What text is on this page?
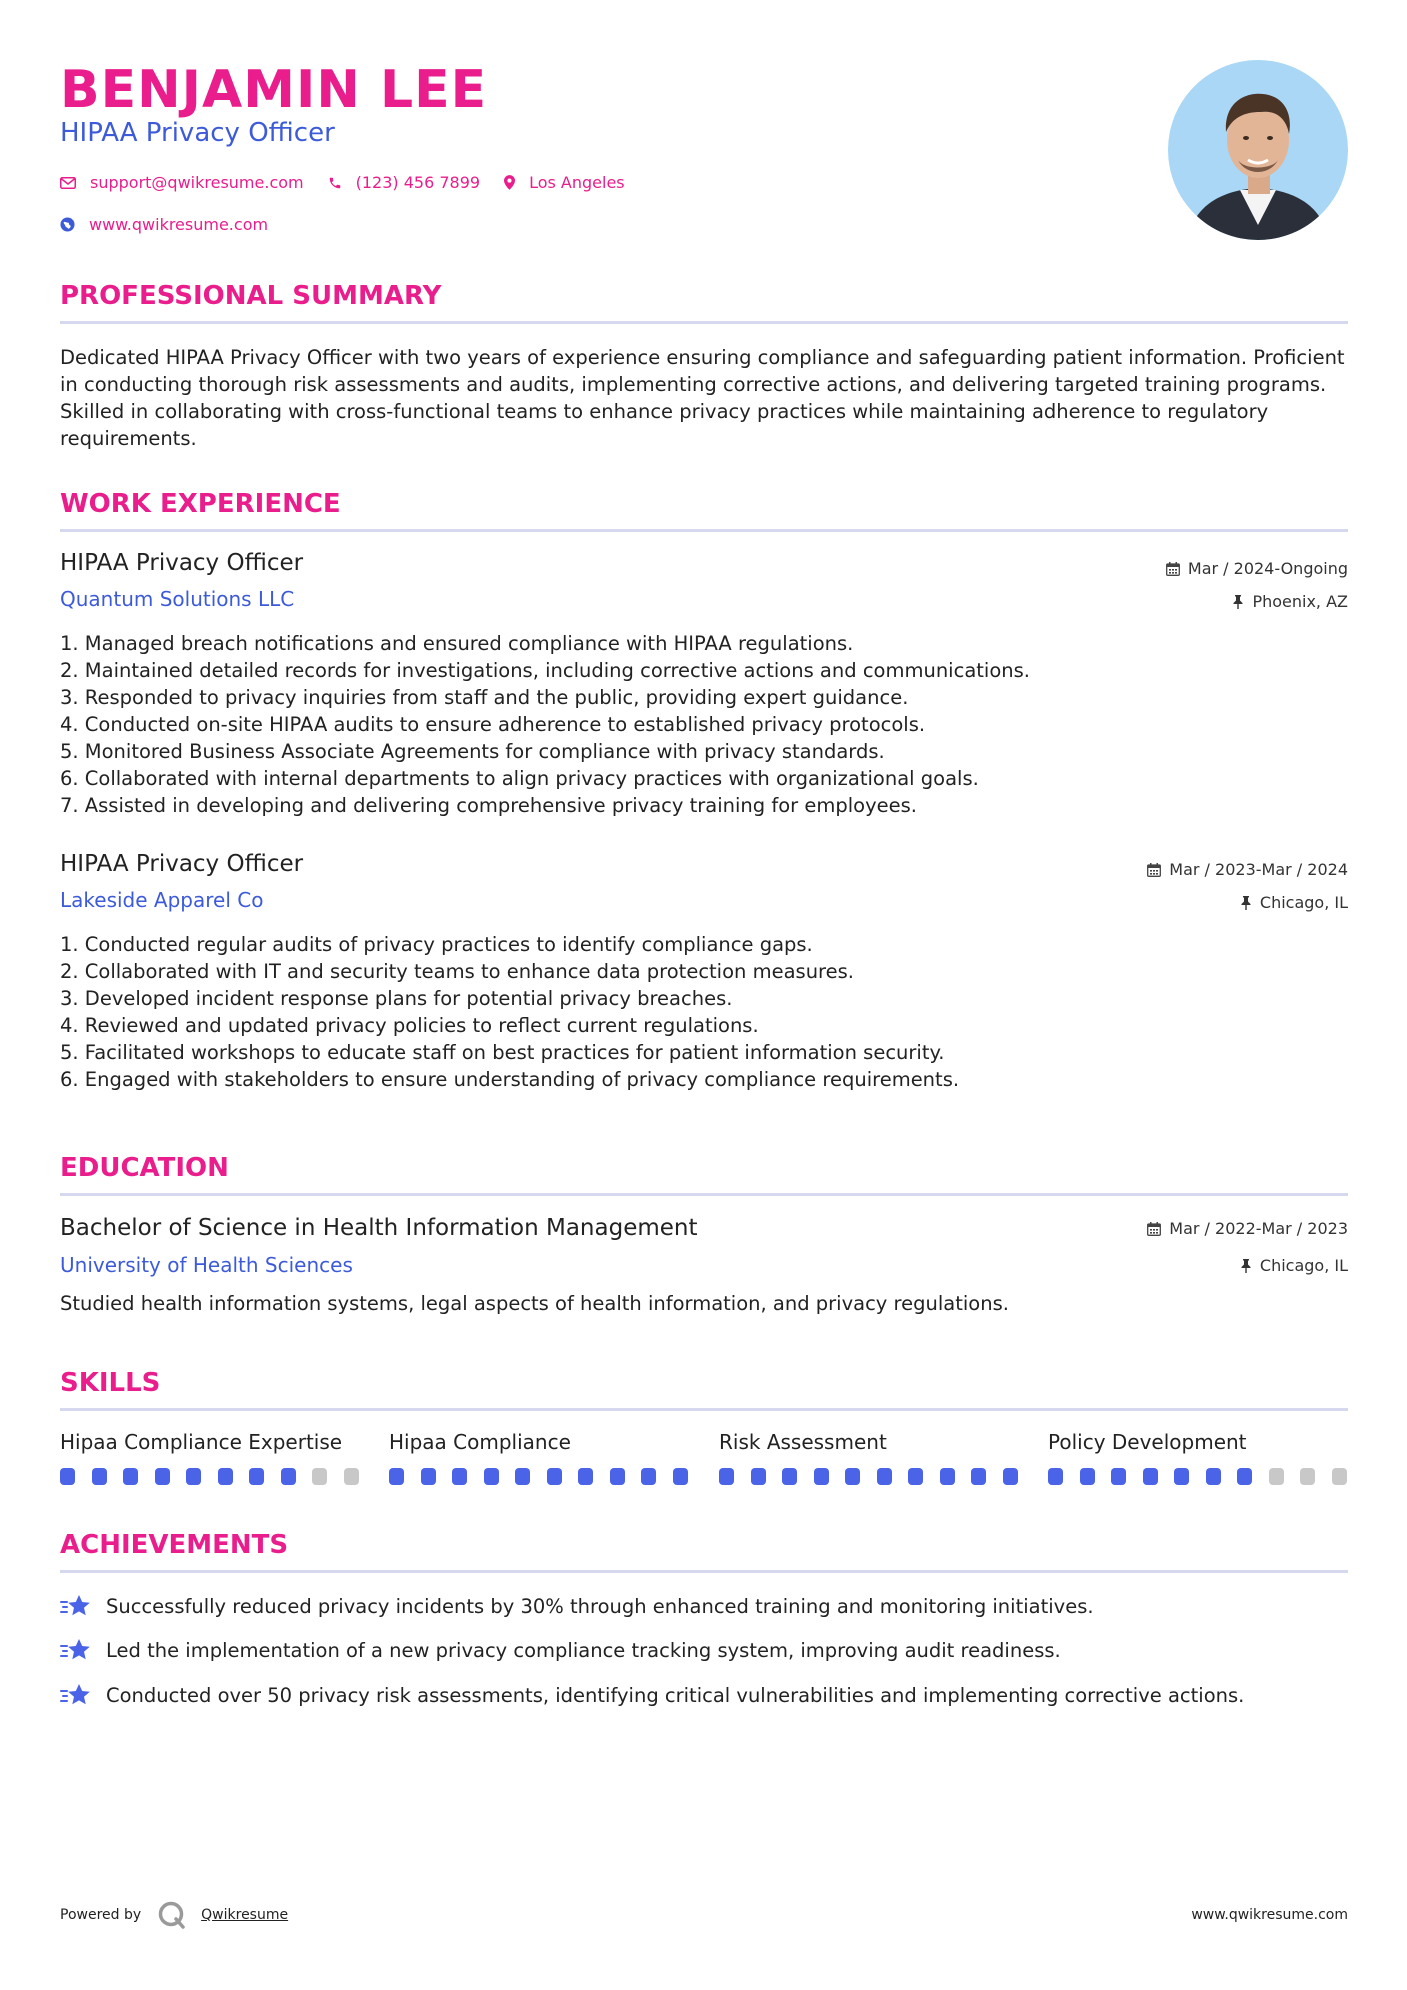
BENJAMIN LEE
HIPAA Privacy Officer
support@qwikresume.com	(123) 456 7899	Los Angeles
www.qwikresume.com
PROFESSIONAL SUMMARY

Dedicated HIPAA Privacy Officer with two years of experience ensuring compliance and safeguarding patient information. Proficient in conducting thorough risk assessments and audits, implementing corrective actions, and delivering targeted training programs. Skilled in collaborating with cross-functional teams to enhance privacy practices while maintaining adherence to regulatory requirements.

WORK EXPERIENCE

HIPAA Privacy Officer

Quantum Solutions LLC

Mar / 2024-Ongoing
Phoenix, AZ
1. Managed breach notifications and ensured compliance with HIPAA regulations.
2. Maintained detailed records for investigations, including corrective actions and communications.
3. Responded to privacy inquiries from staff and the public, providing expert guidance.
4. Conducted on-site HIPAA audits to ensure adherence to established privacy protocols.
5. Monitored Business Associate Agreements for compliance with privacy standards.
6. Collaborated with internal departments to align privacy practices with organizational goals.
7. Assisted in developing and delivering comprehensive privacy training for employees.

HIPAA Privacy Officer

Lakeside Apparel Co

Mar / 2023-Mar / 2024
Chicago, IL
1. Conducted regular audits of privacy practices to identify compliance gaps.
2. Collaborated with IT and security teams to enhance data protection measures.
3. Developed incident response plans for potential privacy breaches.
4. Reviewed and updated privacy policies to reflect current regulations.
5. Facilitated workshops to educate staff on best practices for patient information security.
6. Engaged with stakeholders to ensure understanding of privacy compliance requirements.
EDUCATION

Bachelor of Science in Health Information Management

University of Health Sciences

Mar / 2022-Mar / 2023
Chicago, IL

Studied health information systems, legal aspects of health information, and privacy regulations.

SKILLS

Hipaa Compliance Expertise	Hipaa Compliance	Risk Assessment	Policy Development

ACHIEVEMENTS
Successfully reduced privacy incidents by 30% through enhanced training and monitoring initiatives.
Led the implementation of a new privacy compliance tracking system, improving audit readiness.
Conducted over 50 privacy risk assessments, identifying critical vulnerabilities and implementing corrective actions.
Powered by	Qwikresume	www.qwikresume.com
